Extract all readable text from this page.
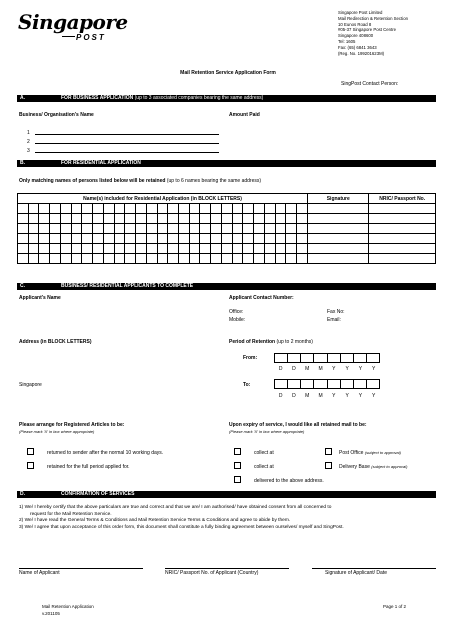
Singapore
POST
Singapore Post Limited
Mail Redirection & Retention Section
10 Eunos Road 8
#05-37 Singapore Post Centre
Singapore 408600
Tel: 1605
Fax: (65) 6841 3643
(Reg. No. 199201623M)
Mail Retention Service Application Form
SingPost Contact Person:
A.	FOR BUSINESS APPLICATION (up to 3 associated companies bearing the same address)
Business/ Organisation's Name	Amount Paid
1
2
3
B.	FOR RESIDENTIAL APPLICATION
Only matching names of persons listed below will be retained (up to 6 names bearing the same address)
Name(s) included for Residential Application (in BLOCK LETTERS)																											Signature	NRIC/ Passport No.

C.	BUSINESS/ RESIDENTIAL APPLICANTS TO COMPLETE
Applicant's Name	Applicant Contact Number:
Office:	Fax No:
Mobile:	Email:
Address (in BLOCK LETTERS)	Period of Retention (up to 2 months)
From:
D	D	M	M	Y	Y	Y	Y
Singapore	To:
D	D	M	M	Y	Y	Y	Y
Please arrange for Registered Articles to be:
(Please mark 'X' in box where appropriate)
returned to sender after the normal 10 working days.
retained for the full period applied for.
Upon expiry of service, I would like all retained mail to be:
(Please mark 'X' in box where appropriate)
collect at	Post Office (subject to approval)
collect at	Delivery Base (subject to approval)
delivered to the above address.
D.	CONFIRMATION OF SERVICES
1) We/ I hereby certify that the above particulars are true and correct and that we are/ I am authorised/ have obtained consent from all concerned to
request for the Mail Retention Service.
2) We/ I have read the General Terms & Conditions and Mail Retention Service Terms & Conditions and agree to abide by them.
3) We/ I agree that upon acceptance of this order form, this document shall constitute a fully binding agreement between ourselves/ myself and SingPost.
Name of Applicant	NRIC/ Passport No. of Applicant (Country)	Signature of Applicant/ Date
Mail Retention Application
v.201105
Page 1 of 2
